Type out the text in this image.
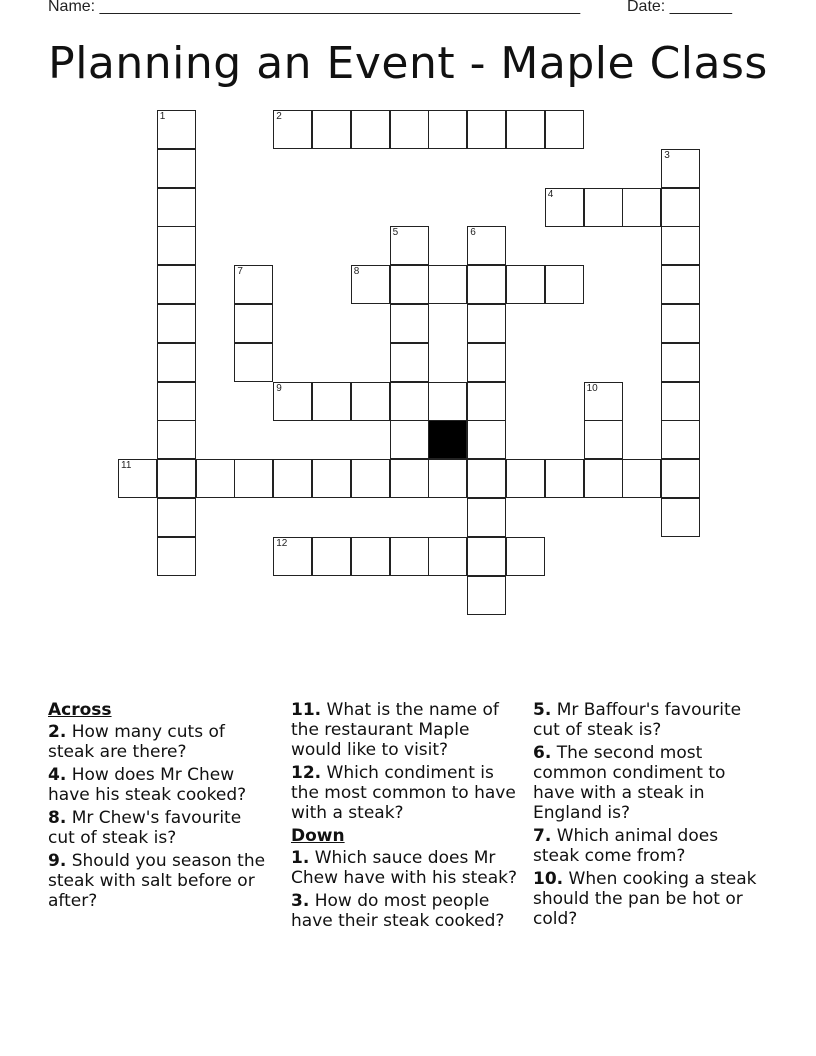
Name: ______________________________________________________	Date: _______
Planning an Event - Maple Class
1	2
3
4
5	6
7	8
9	10
11
12
Across
2. How many cuts of steak are there?
4. How does Mr Chew have his steak cooked?
8. Mr Chew's favourite cut of steak is?
9. Should you season the steak with salt before or after?
11. What is the name of the restaurant Maple would like to visit?
12. Which condiment is the most common to have with a steak?
Down
1. Which sauce does Mr Chew have with his steak?
3. How do most people have their steak cooked?
5. Mr Baffour's favourite cut of steak is?
6. The second most common condiment to have with a steak in England is?
7. Which animal does steak come from?
10. When cooking a steak should the pan be hot or cold?
